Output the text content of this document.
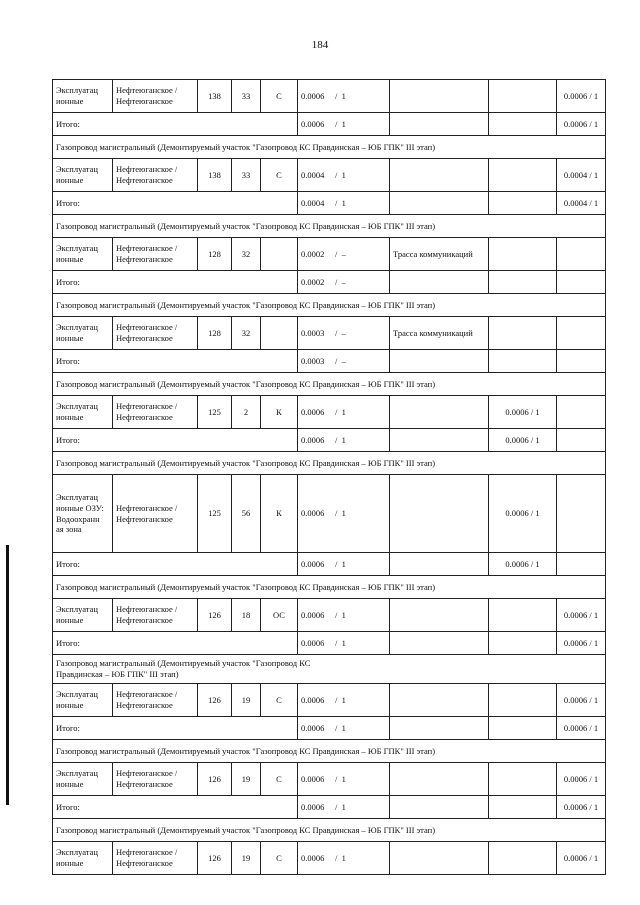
184
Эксплуатац ионные	Нефтеюганское / Нефтеюганское	138	33	С	0.0006     /  1			0.0006 / 1
Итого:					0.0006     /  1			0.0006 / 1
Газопровод магистральный (Демонтируемый участок "Газопровод КС Правдинская – ЮБ ГПК" III этап)								
Эксплуатац ионные	Нефтеюганское / Нефтеюганское	138	33	С	0.0004     /  1			0.0004 / 1
Итого:					0.0004     /  1			0.0004 / 1
Газопровод магистральный (Демонтируемый участок "Газопровод КС Правдинская – ЮБ ГПК" III этап)								
Эксплуатац ионные	Нефтеюганское / Нефтеюганское	128	32		0.0002     /  –	Трасса коммуникаций		
Итого:					0.0002     /  –			
Газопровод магистральный (Демонтируемый участок "Газопровод КС Правдинская – ЮБ ГПК" III этап)								
Эксплуатац ионные	Нефтеюганское / Нефтеюганское	128	32		0.0003     /  –	Трасса коммуникаций		
Итого:					0.0003     /  –			
Газопровод магистральный (Демонтируемый участок "Газопровод КС Правдинская – ЮБ ГПК" III этап)								
Эксплуатац ионные	Нефтеюганское / Нефтеюганское	125	2	К	0.0006     /  1		0.0006 / 1	
Итого:					0.0006     /  1		0.0006 / 1	
Газопровод магистральный (Демонтируемый участок "Газопровод КС Правдинская – ЮБ ГПК" III этап)								
Эксплуатац ионные ОЗУ: Водоохранн ая зона	Нефтеюганское / Нефтеюганское	125	56	К	0.0006     /  1		0.0006 / 1	
Итого:					0.0006     /  1		0.0006 / 1	
Газопровод магистральный (Демонтируемый участок "Газопровод КС Правдинская – ЮБ ГПК" III этап)								
Эксплуатац ионные	Нефтеюганское / Нефтеюганское	126	18	ОС	0.0006     /  1			0.0006 / 1
Итого:					0.0006     /  1			0.0006 / 1
Газопровод магистральный (Демонтируемый участок "Газопровод КС Правдинская – ЮБ ГПК" III этап)								
Эксплуатац ионные	Нефтеюганское / Нефтеюганское	126	19	С	0.0006     /  1			0.0006 / 1
Итого:					0.0006     /  1			0.0006 / 1
Газопровод магистральный (Демонтируемый участок "Газопровод КС Правдинская – ЮБ ГПК" III этап)								
Эксплуатац ионные	Нефтеюганское / Нефтеюганское	126	19	С	0.0006     /  1			0.0006 / 1
Итого:					0.0006     /  1			0.0006 / 1
Газопровод магистральный (Демонтируемый участок "Газопровод КС Правдинская – ЮБ ГПК" III этап)								
Эксплуатац ионные	Нефтеюганское / Нефтеюганское	126	19	С	0.0006     /  1			0.0006 / 1
